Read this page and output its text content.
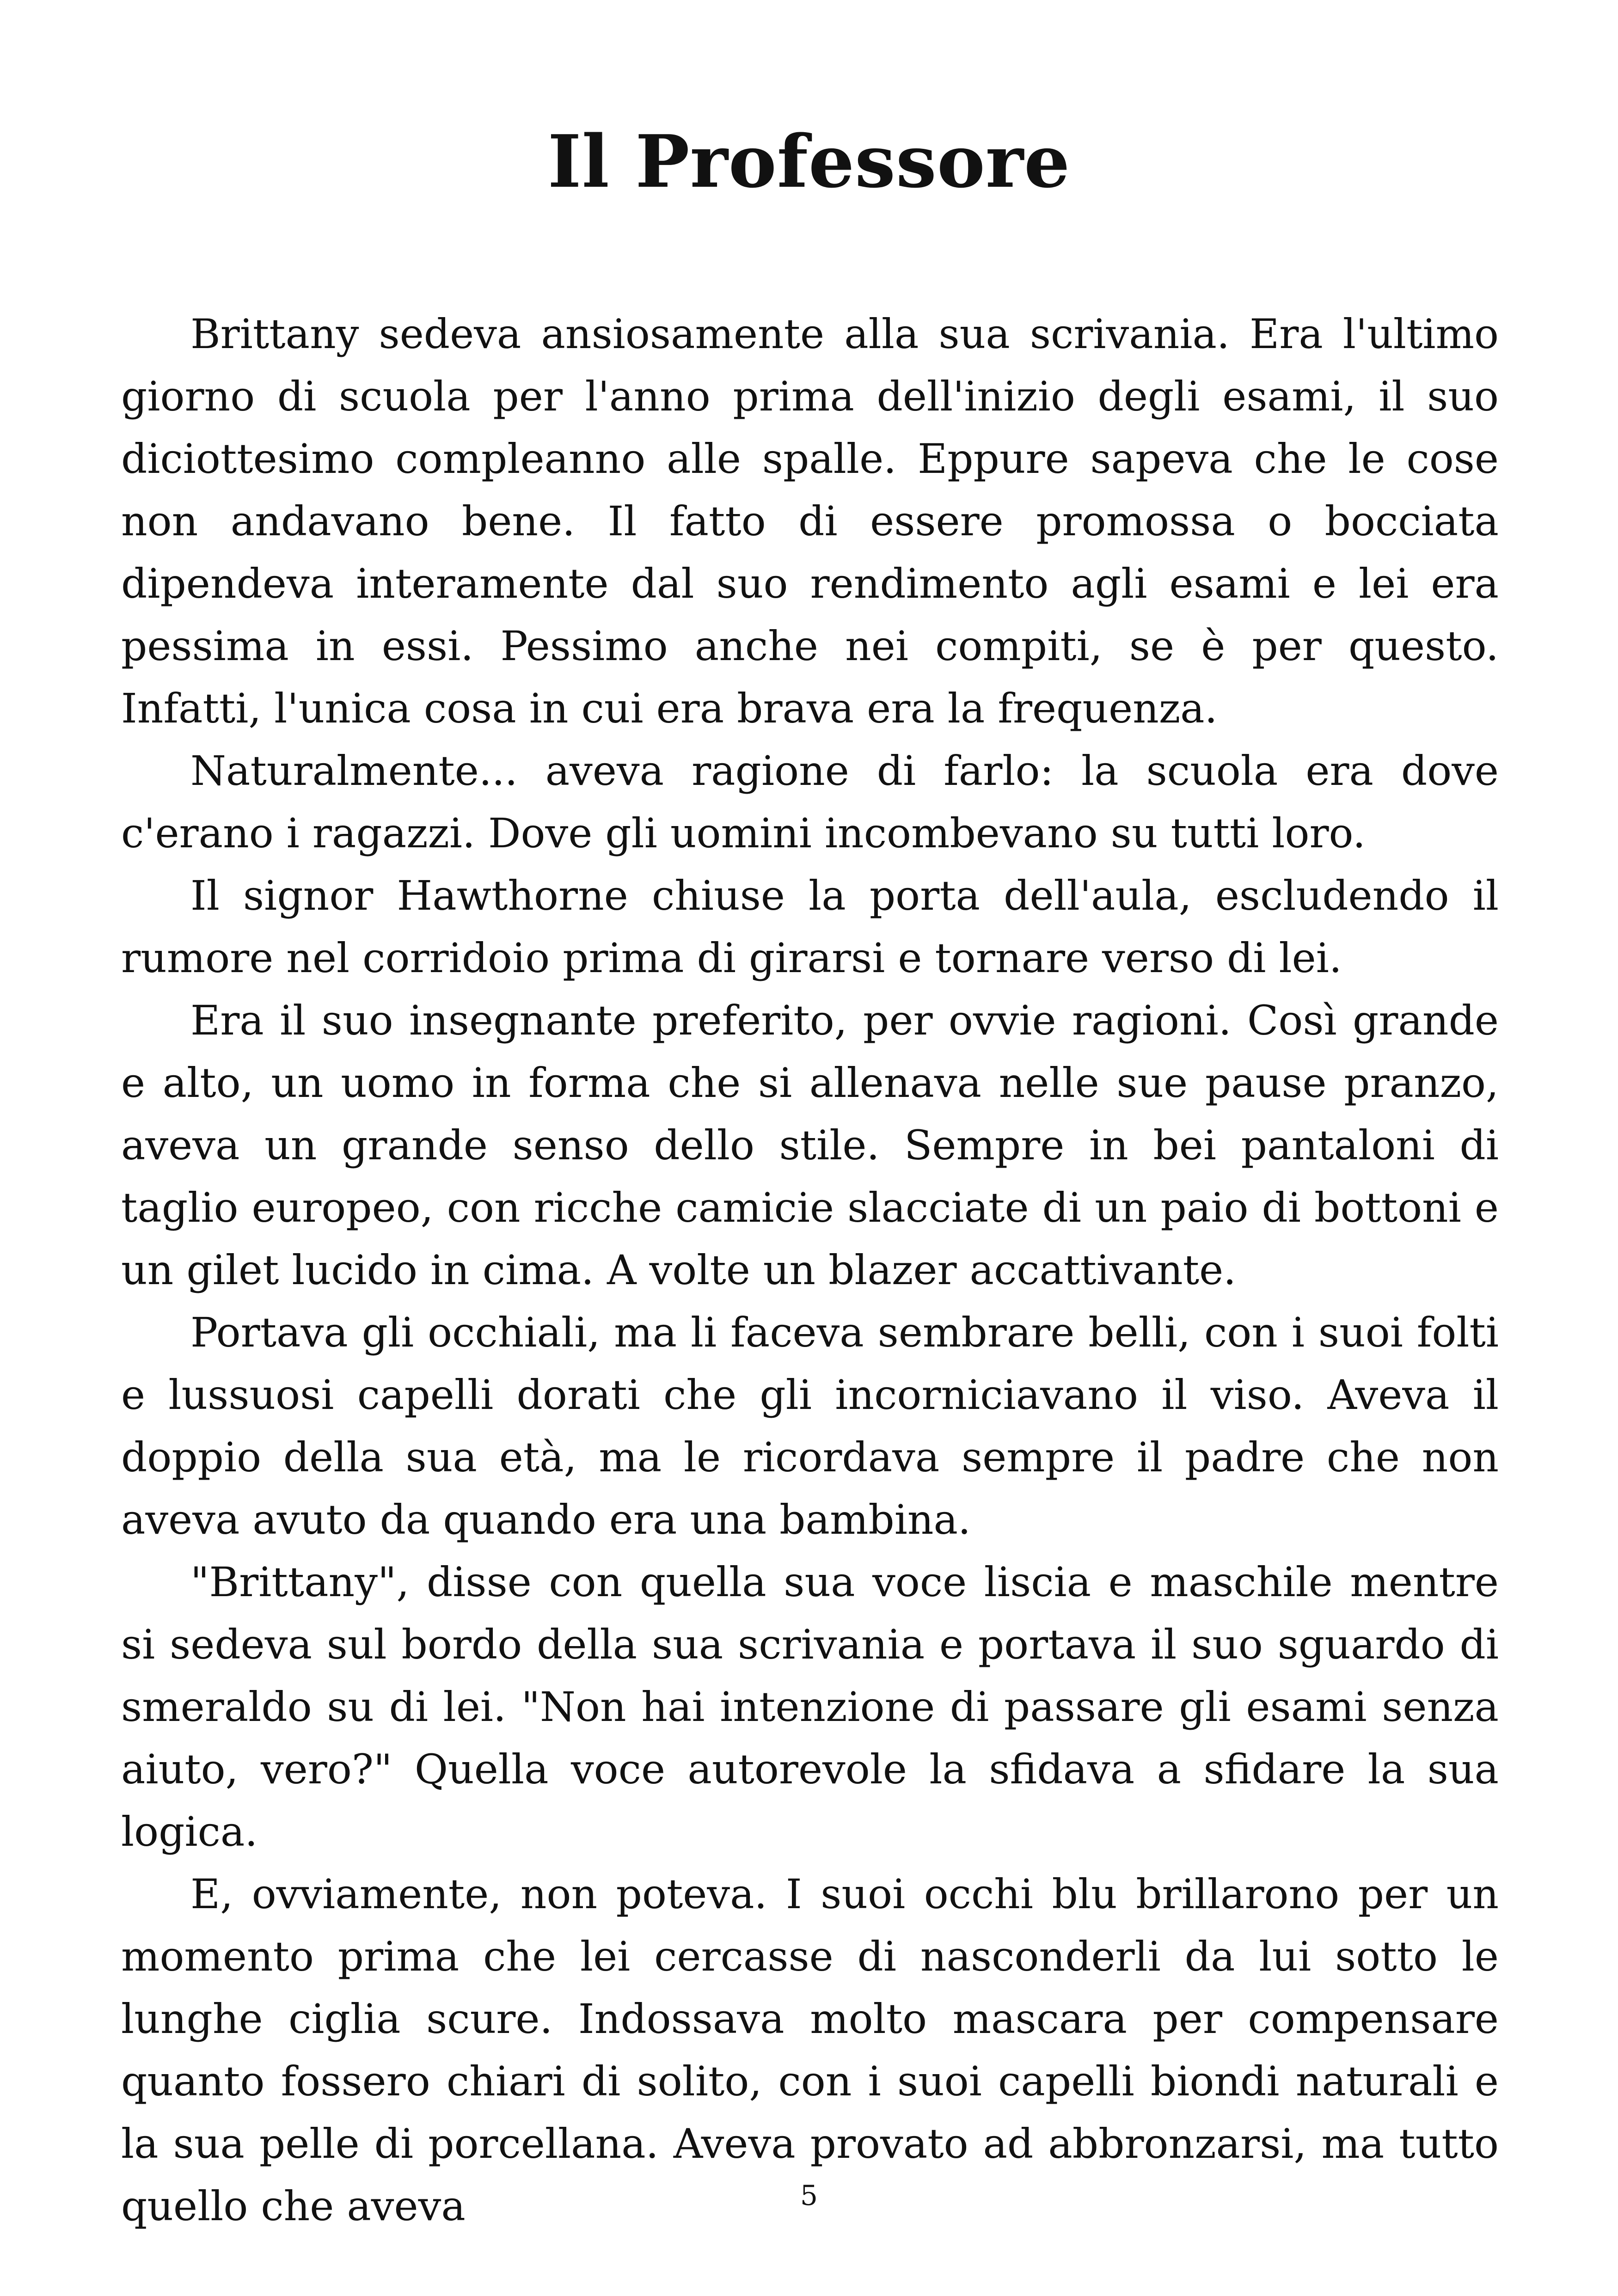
Il Professore

Brittany sedeva ansiosamente alla sua scrivania. Era l'ultimo giorno di scuola per l'anno prima dell'inizio degli esami, il suo diciottesimo compleanno alle spalle. Eppure sapeva che le cose non andavano bene. Il fatto di essere promossa o bocciata dipendeva interamente dal suo rendimento agli esami e lei era pessima in essi. Pessimo anche nei compiti, se è per questo. Infatti, l'unica cosa in cui era brava era la frequenza.

Naturalmente... aveva ragione di farlo: la scuola era dove c'erano i ragazzi. Dove gli uomini incombevano su tutti loro.

Il signor Hawthorne chiuse la porta dell'aula, escludendo il rumore nel corridoio prima di girarsi e tornare verso di lei.

Era il suo insegnante preferito, per ovvie ragioni. Così grande e alto, un uomo in forma che si allenava nelle sue pause pranzo, aveva un grande senso dello stile. Sempre in bei pantaloni di taglio europeo, con ricche camicie slacciate di un paio di bottoni e un gilet lucido in cima. A volte un blazer accattivante.

Portava gli occhiali, ma li faceva sembrare belli, con i suoi folti e lussuosi capelli dorati che gli incorniciavano il viso. Aveva il doppio della sua età, ma le ricordava sempre il padre che non aveva avuto da quando era una bambina.

"Brittany", disse con quella sua voce liscia e maschile mentre si sedeva sul bordo della sua scrivania e portava il suo sguardo di smeraldo su di lei. "Non hai intenzione di passare gli esami senza aiuto, vero?" Quella voce autorevole la sfidava a sfidare la sua logica.

E, ovviamente, non poteva. I suoi occhi blu brillarono per un momento prima che lei cercasse di nasconderli da lui sotto le lunghe ciglia scure. Indossava molto mascara per compensare quanto fossero chiari di solito, con i suoi capelli biondi naturali e la sua pelle di porcellana. Aveva provato ad abbronzarsi, ma tutto quello che aveva	5
